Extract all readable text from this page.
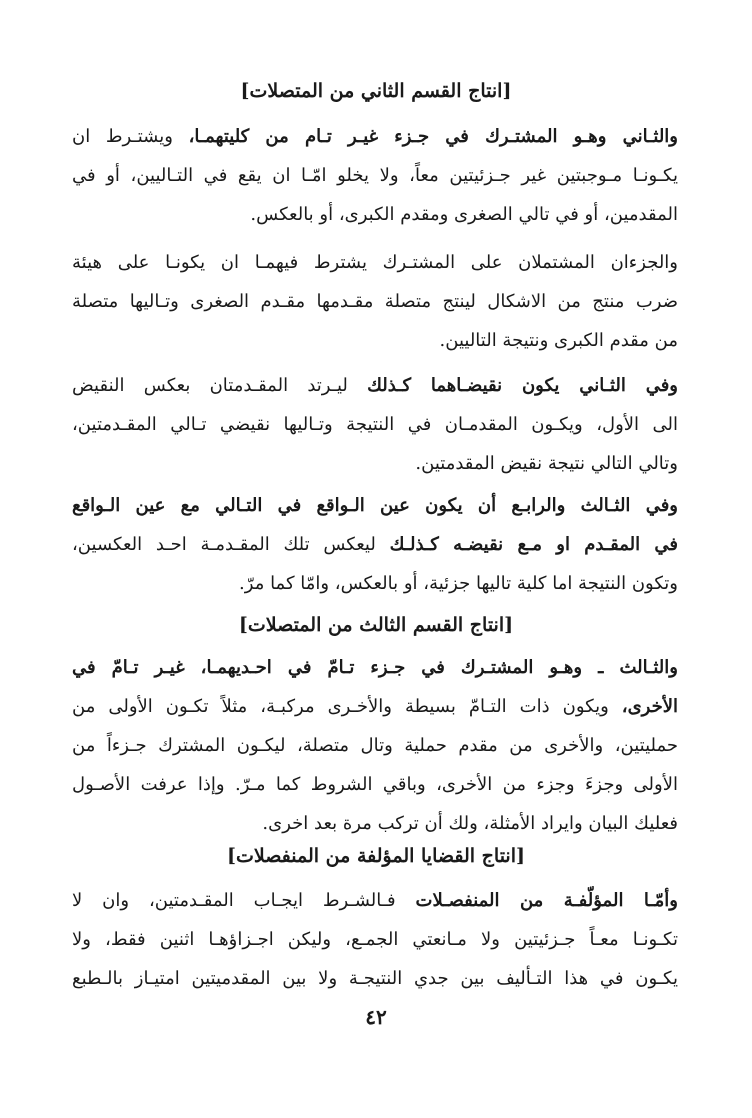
[انتاج القسم الثاني من المتصلات]
والثـاني وهـو المشتـرك في جـزء غيـر تـام من كليتهمـا، ويشتـرط ان
يكـونـا مـوجبتين غير جـزئيتين معاً، ولا يخلو امّـا ان يقع في التـاليين، أو في
المقدمين، أو في تالي الصغرى ومقدم الكبرى، أو بالعكس.
والجزءان المشتملان على المشتـرك يشترط فيهمـا ان يكونـا على هيئة
ضرب منتج من الاشكال لينتج متصلة مقـدمها مقـدم الصغرى وتـاليها متصلة
من مقدم الكبرى ونتيجة التاليين.
وفي الثـاني يكون نقيضـاهما كـذلك ليـرتد المقـدمتان بعكس النقيض
الى الأول، ويكـون المقدمـان في النتيجة وتـاليها نقيضي تـالي المقـدمتين،
وتالي التالي نتيجة نقيض المقدمتين.
وفي الثـالث والرابـع أن يكون عين الـواقع في التـالي مع عين الـواقع
في المقـدم او مـع نقيضـه كـذلـك ليعكس تلك المقـدمـة احـد العكسين،
وتكون النتيجة اما كلية تاليها جزئية، أو بالعكس، وامّا كما مرّ.
[انتاج القسم الثالث من المتصلات]
والثـالث ـ وهـو المشتـرك في جـزء تـامّ في احـديهمـا، غيـر تـامّ في
الأخرى، ويكون ذات التـامّ بسيطة والأخـرى مركبـة، مثلاً تكـون الأولى من
حمليتين، والأخرى من مقدم حملية وتال متصلة، ليكـون المشترك جـزءاً من
الأولى وجزءَ وجزء من الأخرى، وباقي الشروط كما مـرّ. وإذا عرفت الأصـول
فعليك البيان وايراد الأمثلة، ولك أن تركب مرة بعد اخرى.
[انتاج القضايا المؤلفة من المنفصلات]
وأمّـا المؤلّفـة من المنفصـلات فـالشـرط ايجـاب المقـدمتين، وان لا
تكـونـا معـاً جـزئيتين ولا مـانعتي الجمـع، وليكن اجـزاؤهـا اثنين فقط، ولا
يكـون في هذا التـأليف بين جدي النتيجـة ولا بين المقدميتين امتيـاز بالـطبع
٤٢
